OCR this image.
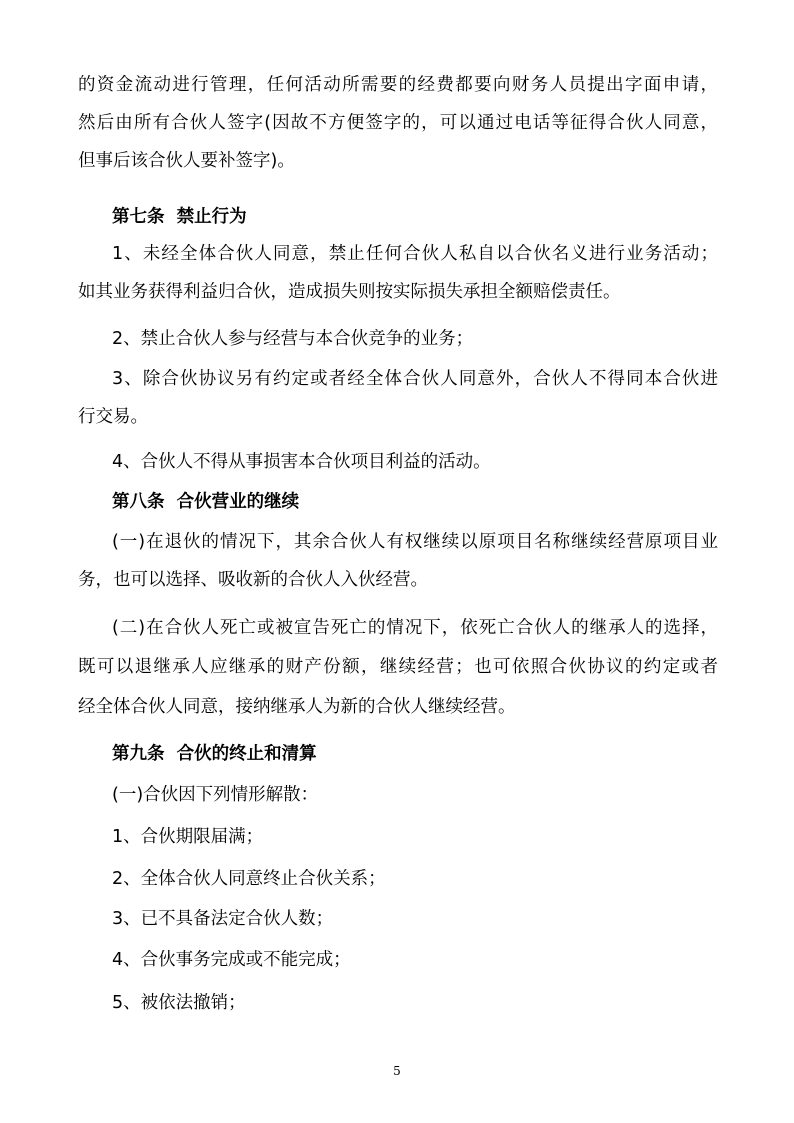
的资金流动进行管理，任何活动所需要的经费都要向财务人员提出字面申请，

然后由所有合伙人签字(因故不方便签字的，可以通过电话等征得合伙人同意，

但事后该合伙人要补签字)。

第七条  禁止行为

1、未经全体合伙人同意，禁止任何合伙人私自以合伙名义进行业务活动；

如其业务获得利益归合伙，造成损失则按实际损失承担全额赔偿责任。

2、禁止合伙人参与经营与本合伙竞争的业务；

3、除合伙协议另有约定或者经全体合伙人同意外，合伙人不得同本合伙进

行交易。

4、合伙人不得从事损害本合伙项目利益的活动。

第八条  合伙营业的继续

(一)在退伙的情况下，其余合伙人有权继续以原项目名称继续经营原项目业

务，也可以选择、吸收新的合伙人入伙经营。

(二)在合伙人死亡或被宣告死亡的情况下，依死亡合伙人的继承人的选择，

既可以退继承人应继承的财产份额，继续经营；也可依照合伙协议的约定或者

经全体合伙人同意，接纳继承人为新的合伙人继续经营。

第九条  合伙的终止和清算

(一)合伙因下列情形解散：

1、合伙期限届满；

2、全体合伙人同意终止合伙关系；

3、已不具备法定合伙人数；

4、合伙事务完成或不能完成；

5、被依法撤销；

5
